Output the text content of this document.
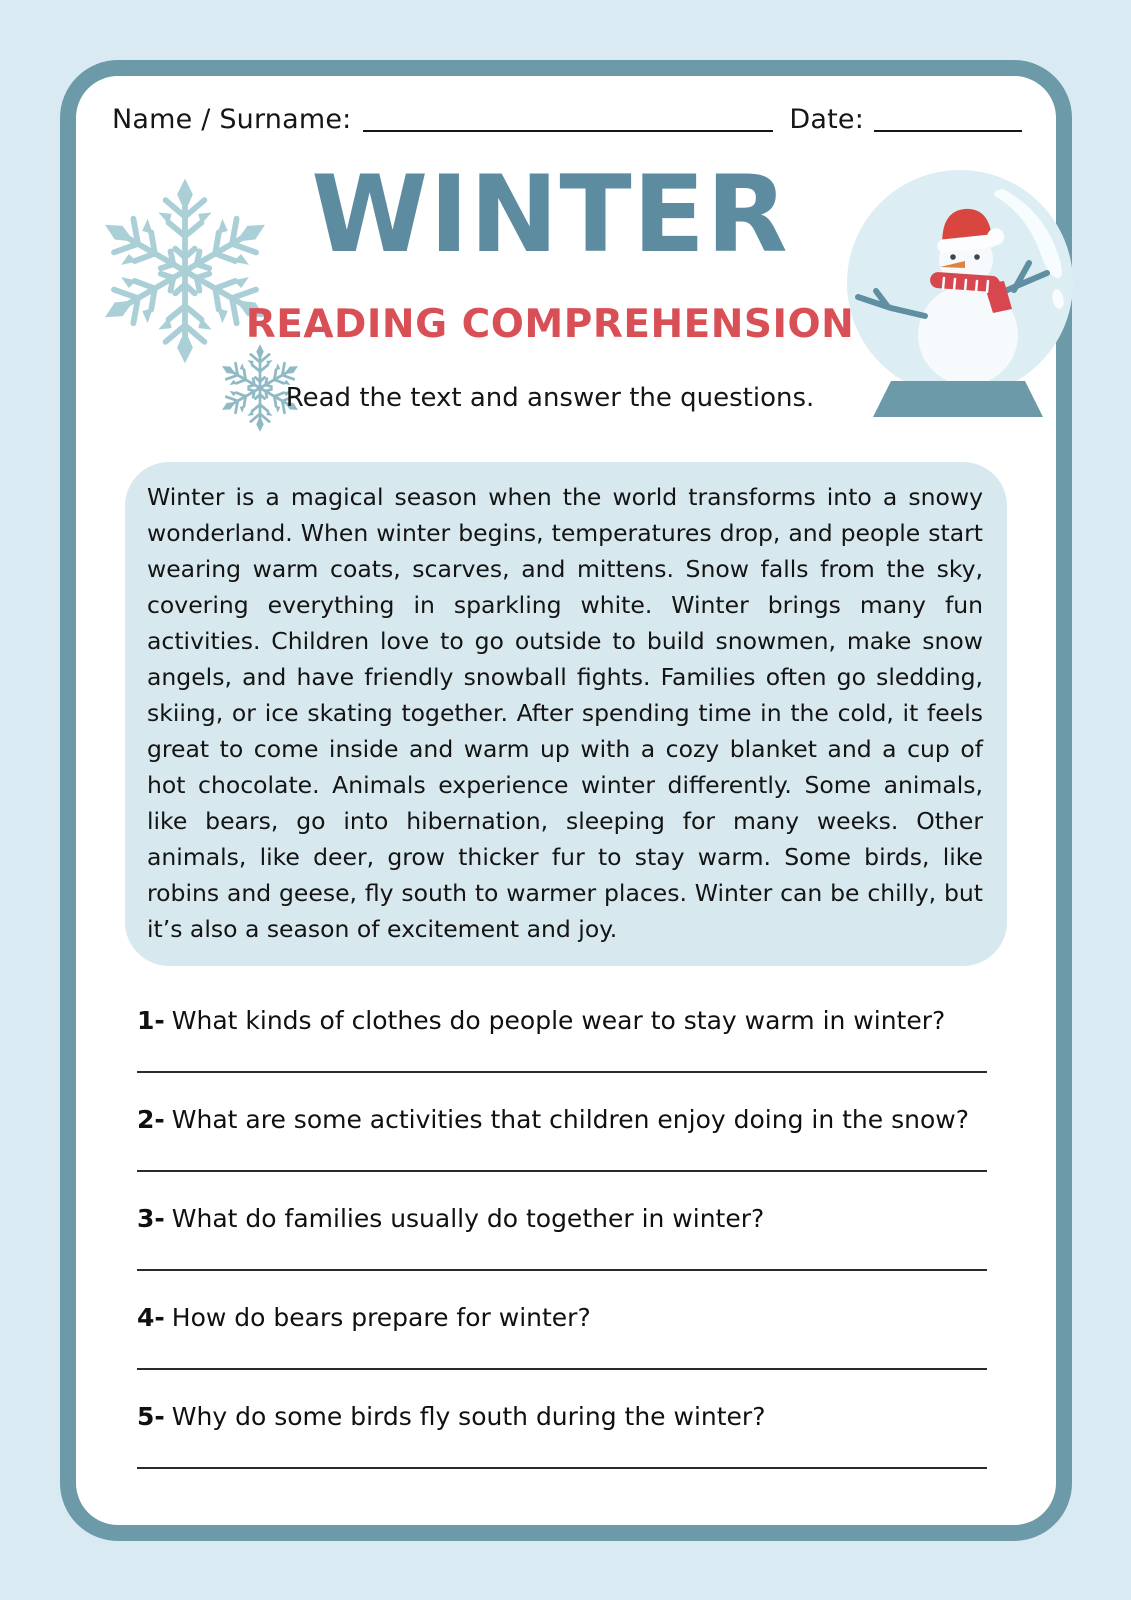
Name / Surname:	Date:
WINTER
READING COMPREHENSION
Read the text and answer the questions.

Winter is a magical season when the world transforms into a snowy wonderland. When winter begins, temperatures drop, and people start wearing warm coats, scarves, and mittens. Snow falls from the sky, covering everything in sparkling white. Winter brings many fun activities. Children love to go outside to build snowmen, make snow angels, and have friendly snowball fights. Families often go sledding, skiing, or ice skating together. After spending time in the cold, it feels great to come inside and warm up with a cozy blanket and a cup of hot chocolate. Animals experience winter differently. Some animals, like bears, go into hibernation, sleeping for many weeks. Other animals, like deer, grow thicker fur to stay warm. Some birds, like robins and geese, fly south to warmer places. Winter can be chilly, but it’s also a season of excitement and joy.

1- What kinds of clothes do people wear to stay warm in winter?

2- What are some activities that children enjoy doing in the snow?

3- What do families usually do together in winter?

4- How do bears prepare for winter?

5- Why do some birds fly south during the winter?
